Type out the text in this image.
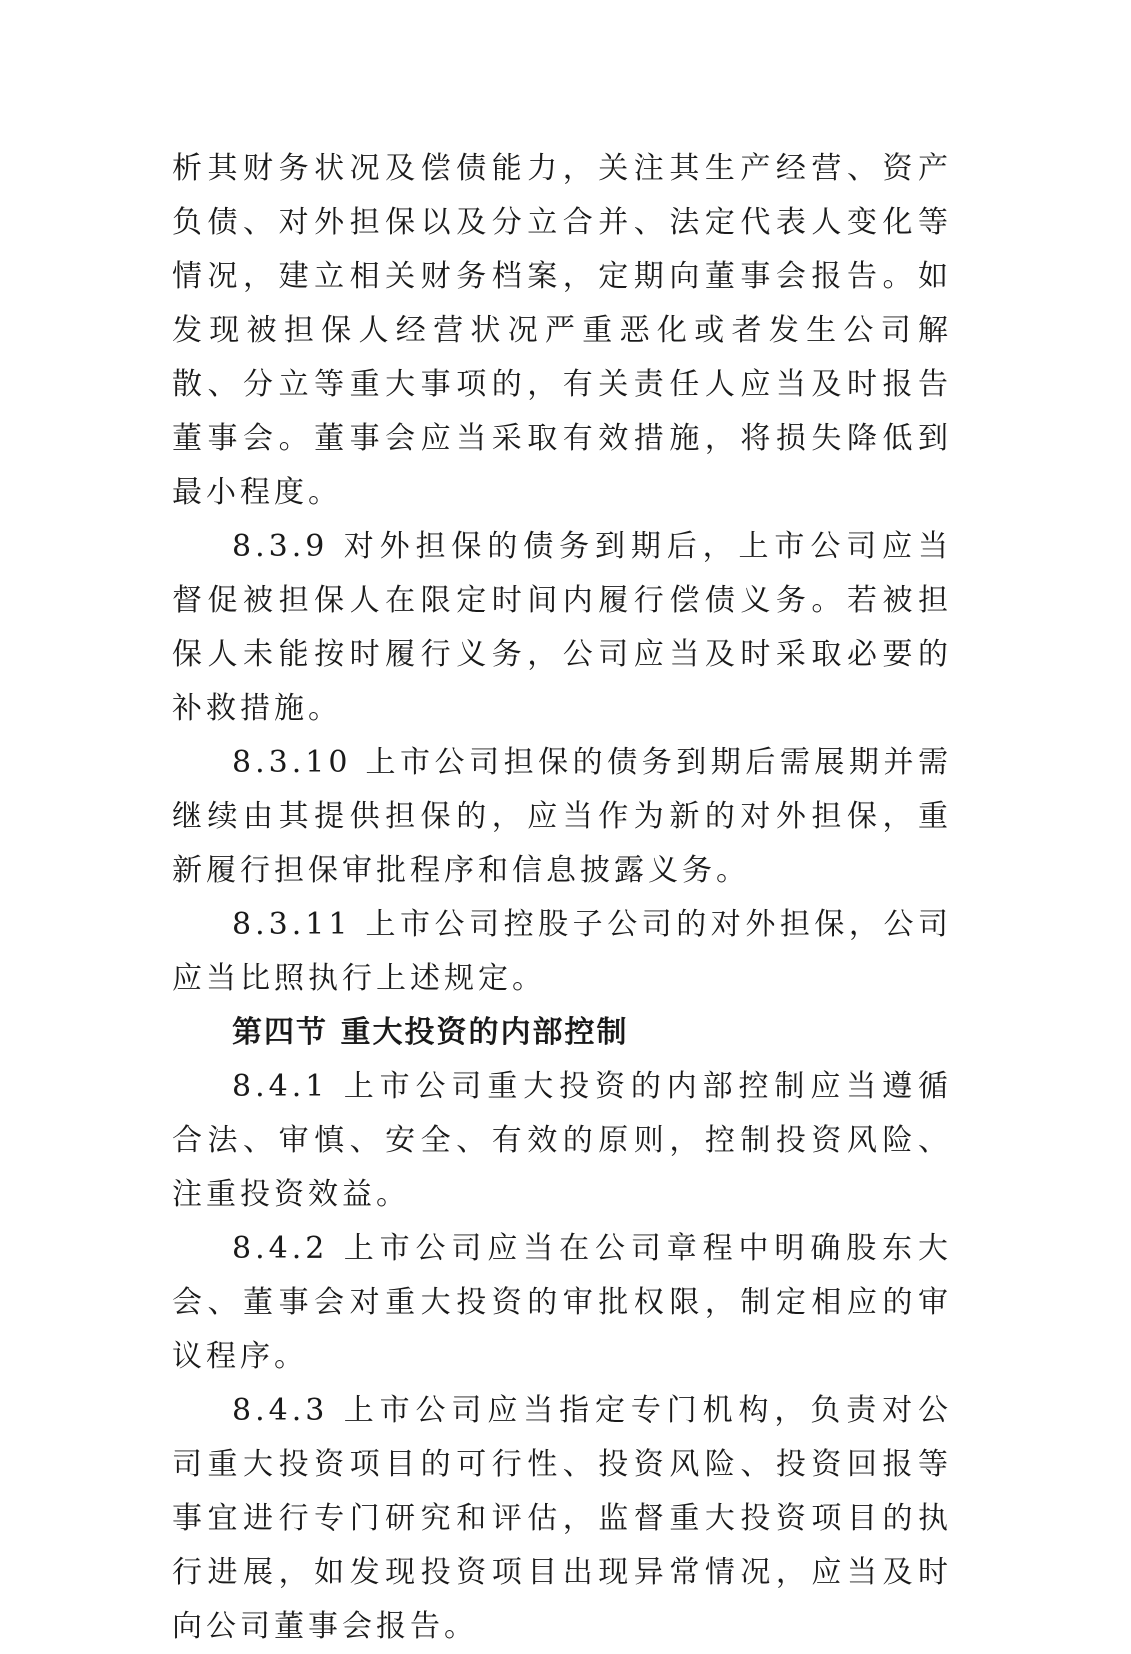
析其财务状况及偿债能力，关注其生产经营、资产负债、对外担保以及分立合并、法定代表人变化等情况，建立相关财务档案，定期向董事会报告。如发现被担保人经营状况严重恶化或者发生公司解散、分立等重大事项的，有关责任人应当及时报告董事会。董事会应当采取有效措施，将损失降低到最小程度。

8.3.9 对外担保的债务到期后，上市公司应当督促被担保人在限定时间内履行偿债义务。若被担保人未能按时履行义务，公司应当及时采取必要的补救措施。

8.3.10 上市公司担保的债务到期后需展期并需继续由其提供担保的，应当作为新的对外担保，重新履行担保审批程序和信息披露义务。

8.3.11 上市公司控股子公司的对外担保，公司应当比照执行上述规定。

第四节 重大投资的内部控制

8.4.1 上市公司重大投资的内部控制应当遵循合法、审慎、安全、有效的原则，控制投资风险、注重投资效益。

8.4.2 上市公司应当在公司章程中明确股东大会、董事会对重大投资的审批权限，制定相应的审议程序。

8.4.3 上市公司应当指定专门机构，负责对公司重大投资项目的可行性、投资风险、投资回报等事宜进行专门研究和评估，监督重大投资项目的执行进展，如发现投资项目出现异常情况，应当及时向公司董事会报告。
